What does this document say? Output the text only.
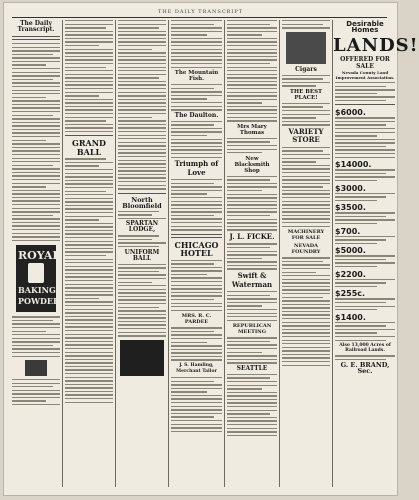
THE DAILY TRANSCRIPT
The Daily Transcript.
ROYAL
BAKING
POWDER
GRAND BALL
North Bloomfield
SPARTAN LODGE,
UNIFORM BALL
The Mountain Fish.
The Daulton.
Triumph of Love
CHICAGO HOTEL
MRS. R. C. PARDEE
J. S. Hamling, Merchant Tailor
Mrs Mary Thomas
New Blacksmith Shop
J. L. FICKE.
Swift & Waterman
REPUBLICAN MEETING
SEATTLE
Cigars
THE BEST PLACE!
VARIETY STORE
MACHINERY FOR SALE
NEVADA FOUNDRY
Desirable Homes
LANDS!
OFFERED FOR SALE
Nevada County Land Improvement Association.
$6000.
$14000.
$3000.
$3500.
$700.
$5000.
$2200.
$255c.
$1400.
Also 13,000 Acres of Railroad Lands.
G. E. BRAND, Sec.
